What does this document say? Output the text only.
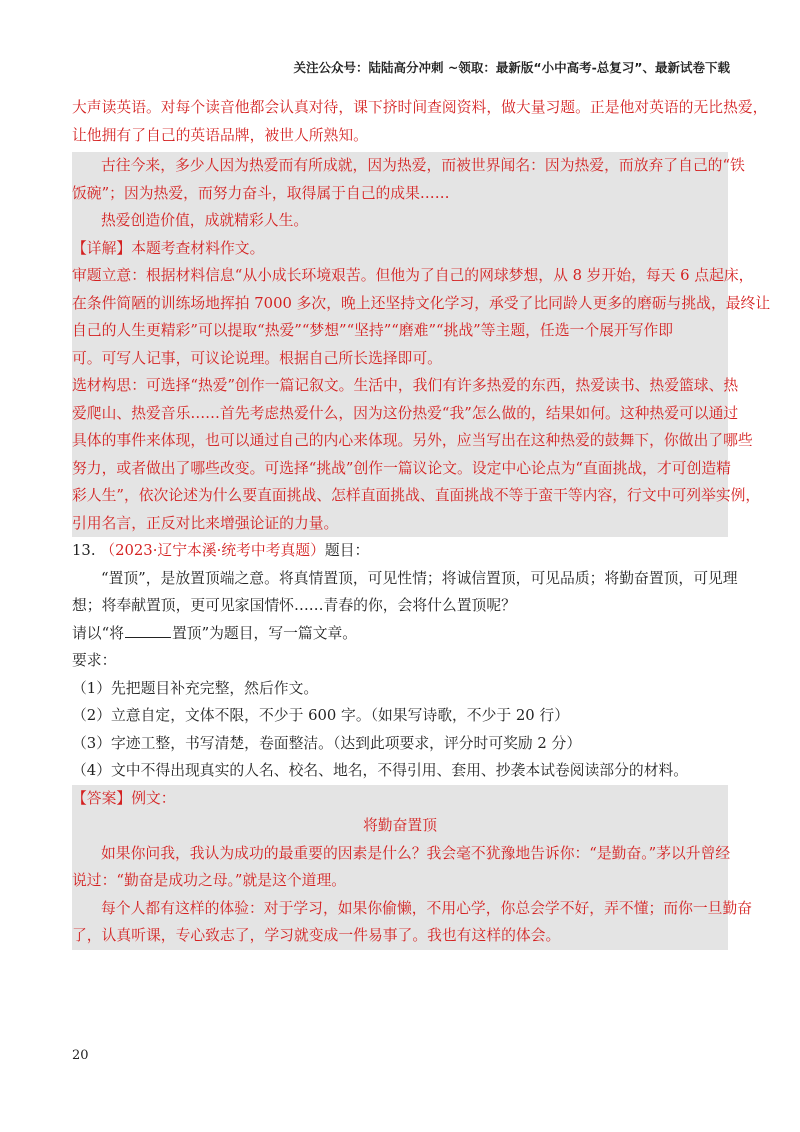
关注公众号：陆陆高分冲刺 ~领取：最新版“小中高考-总复习”、最新试卷下载
大声读英语。对每个读音他都会认真对待，课下挤时间查阅资料，做大量习题。正是他对英语的无比热爱，
让他拥有了自己的英语品牌，被世人所熟知。
古往今来，多少人因为热爱而有所成就，因为热爱，而被世界闻名：因为热爱，而放弃了自己的“铁
饭碗”；因为热爱，而努力奋斗，取得属于自己的成果……
热爱创造价值，成就精彩人生。
【详解】本题考查材料作文。
审题立意：根据材料信息“从小成长环境艰苦。但他为了自己的网球梦想，从 8 岁开始，每天 6 点起床，
在条件简陋的训练场地挥拍 7000 多次，晚上还坚持文化学习，承受了比同龄人更多的磨砺与挑战，最终让
自己的人生更精彩”可以提取“热爱”“梦想”“坚持”“磨难”“挑战”等主题，任选一个展开写作即
可。可写人记事，可议论说理。根据自己所长选择即可。
选材构思：可选择“热爱”创作一篇记叙文。生活中，我们有许多热爱的东西，热爱读书、热爱篮球、热
爱爬山、热爱音乐……首先考虑热爱什么，因为这份热爱“我”怎么做的，结果如何。这种热爱可以通过
具体的事件来体现，也可以通过自己的内心来体现。另外，应当写出在这种热爱的鼓舞下，你做出了哪些
努力，或者做出了哪些改变。可选择“挑战”创作一篇议论文。设定中心论点为“直面挑战，才可创造精
彩人生”，依次论述为什么要直面挑战、怎样直面挑战、直面挑战不等于蛮干等内容，行文中可列举实例，
引用名言，正反对比来增强论证的力量。
13. （2023·辽宁本溪·统考中考真题）题目：
“置顶”，是放置顶端之意。将真情置顶，可见性情；将诚信置顶，可见品质；将勤奋置顶，可见理
想；将奉献置顶，更可见家国情怀……青春的你，会将什么置顶呢？
请以“将	置顶”为题目，写一篇文章。
要求：
（1）先把题目补充完整，然后作文。
（2）立意自定，文体不限，不少于 600 字。（如果写诗歌，不少于 20 行）
（3）字迹工整，书写清楚，卷面整洁。（达到此项要求，评分时可奖励 2 分）
（4）文中不得出现真实的人名、校名、地名，不得引用、套用、抄袭本试卷阅读部分的材料。
【答案】例文：
将勤奋置顶
如果你问我，我认为成功的最重要的因素是什么？我会毫不犹豫地告诉你：“是勤奋。”茅以升曾经
说过：“勤奋是成功之母。”就是这个道理。
每个人都有这样的体验：对于学习，如果你偷懒，不用心学，你总会学不好，弄不懂；而你一旦勤奋
了，认真听课，专心致志了，学习就变成一件易事了。我也有这样的体会。
20
